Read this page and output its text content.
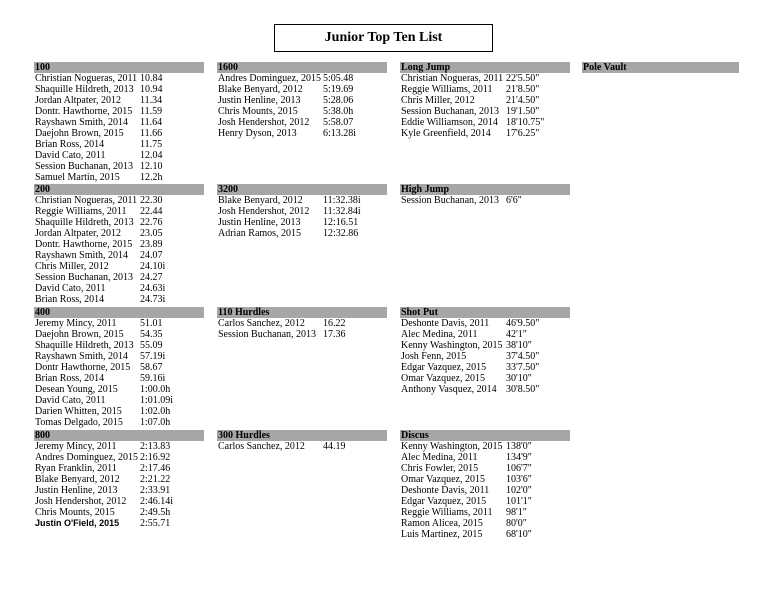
Junior Top Ten List
100
Christian Nogueras, 2011 10.84
Shaquille Hildreth, 2013 10.94
Jordan Altpater, 2012	11.34
Dontr. Hawthorne, 2015 11.59
Rayshawn Smith, 2014	11.64
Daejohn Brown, 2015	11.66
Brian Ross, 2014	11.75
David Cato, 2011	12.04
Session Buchanan, 2013 12.10
Samuel Martin, 2015	12.2h
200
Christian Nogueras, 2011 22.30
Reggie Williams, 2011	22.44
Shaquille Hildreth, 2013 22.76
Jordan Altpater, 2012	23.05
Dontr. Hawthorne, 2015 23.89
Rayshawn Smith, 2014	24.07
Chris Miller, 2012	24.10i
Session Buchanan, 2013 24.27
David Cato, 2011	24.63i
Brian Ross, 2014	24.73i
400
Jeremy Mincy, 2011	51.01
Daejohn Brown, 2015	54.35
Shaquille Hildreth, 2013 55.09
Rayshawn Smith, 2014	57.19i
Dontr Hawthorne, 2015 58.67
Brian Ross, 2014	59.16i
Desean Young, 2015	1:00.0h
David Cato, 2011	1:01.09i
Darien Whitten, 2015	1:02.0h
Tomas Delgado, 2015	1:07.0h
800
Jeremy Mincy, 2011	2:13.83
Andres Dominguez, 2015 2:16.92
Ryan Franklin, 2011	2:17.46
Blake Benyard, 2012	2:21.22
Justin Henline, 2013	2:33.91
Josh Hendershot, 2012	2:46.14i
Chris Mounts, 2015	2:49.5h
Justin O'Field, 2015	2:55.71
1600
Andres Dominguez, 2015 5:05.48
Blake Benyard, 2012	5:19.69
Justin Henline, 2013	5:28.06
Chris Mounts, 2015	5:38.0h
Josh Hendershot, 2012	5:58.07
Henry Dyson, 2013	6:13.28i
3200
Blake Benyard, 2012	11:32.38i
Josh Hendershot, 2012	11:32.84i
Justin Henline, 2013	12:16.51
Adrian Ramos, 2015	12:32.86
110 Hurdles
Carlos Sanchez, 2012	16.22
Session Buchanan, 2013 17.36
300 Hurdles
Carlos Sanchez, 2012	44.19
Long Jump
Christian Nogueras, 2011 22'5.50"
Reggie Williams, 2011	21'8.50"
Chris Miller, 2012	21'4.50"
Session Buchanan, 2013 19'1.50"
Eddie Williamson, 2014 18'10.75"
Kyle Greenfield, 2014	17'6.25"
High Jump
Session Buchanan, 2013 6'6"
Shot Put
Deshonte Davis, 2011	46'9.50"
Alec Medina, 2011	42'1"
Kenny Washington, 2015 38'10"
Josh Fenn, 2015	37'4.50"
Edgar Vazquez, 2015	33'7.50"
Omar Vazquez, 2015	30'10"
Anthony Vasquez, 2014 30'8.50"
Discus
Kenny Washington, 2015 138'0"
Alec Medina, 2011	134'9"
Chris Fowler, 2015	106'7"
Omar Vazquez, 2015	103'6"
Deshonte Davis, 2011	102'0"
Edgar Vazquez, 2015	101'1"
Reggie Williams, 2011	98'1"
Ramon Alicea, 2015	80'0"
Luis Martinez, 2015	68'10"
Pole Vault
